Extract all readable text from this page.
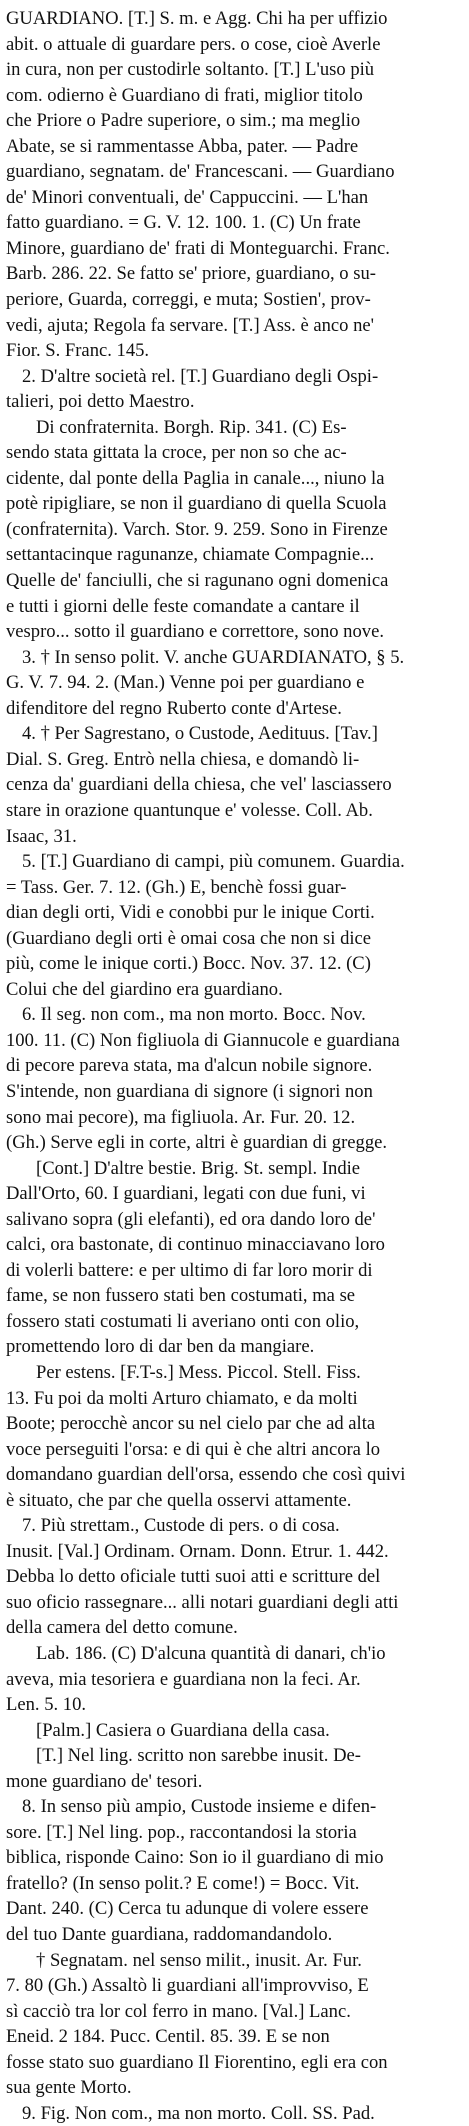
GUARDIANO. [T.] S. m. e Agg. Chi ha per uffizio
abit. o attuale di guardare pers. o cose, cioè Averle
in cura, non per custodirle soltanto. [T.] L'uso più
com. odierno è Guardiano di frati, miglior titolo
che Priore o Padre superiore, o sim.; ma meglio
Abate, se si rammentasse Abba, pater. — Padre
guardiano, segnatam. de' Francescani. — Guardiano
de' Minori conventuali, de' Cappuccini. — L'han
fatto guardiano. = G. V. 12. 100. 1. (C) Un frate
Minore, guardiano de' frati di Monteguarchi. Franc.
Barb. 286. 22. Se fatto se' priore, guardiano, o su-
periore, Guarda, correggi, e muta; Sostien', prov-
vedi, ajuta; Regola fa servare. [T.] Ass. è anco ne'
Fior. S. Franc. 145.
2. D'altre società rel. [T.] Guardiano degli Ospi-
talieri, poi detto Maestro.
Di confraternita. Borgh. Rip. 341. (C) Es-
sendo stata gittata la croce, per non so che ac-
cidente, dal ponte della Paglia in canale..., niuno la
potè ripigliare, se non il guardiano di quella Scuola
(confraternita). Varch. Stor. 9. 259. Sono in Firenze
settantacinque ragunanze, chiamate Compagnie...
Quelle de' fanciulli, che si ragunano ogni domenica
e tutti i giorni delle feste comandate a cantare il
vespro... sotto il guardiano e correttore, sono nove.
3. † In senso polit. V. anche GUARDIANATO, § 5.
G. V. 7. 94. 2. (Man.) Venne poi per guardiano e
difenditore del regno Ruberto conte d'Artese.
4. † Per Sagrestano, o Custode, Aedituus. [Tav.]
Dial. S. Greg. Entrò nella chiesa, e domandò li-
cenza da' guardiani della chiesa, che vel' lasciassero
stare in orazione quantunque e' volesse. Coll. Ab.
Isaac, 31.
5. [T.] Guardiano di campi, più comunem. Guardia.
= Tass. Ger. 7. 12. (Gh.) E, benchè fossi guar-
dian degli orti, Vidi e conobbi pur le inique Corti.
(Guardiano degli orti è omai cosa che non si dice
più, come le inique corti.) Bocc. Nov. 37. 12. (C)
Colui che del giardino era guardiano.
6. Il seg. non com., ma non morto. Bocc. Nov.
100. 11. (C) Non figliuola di Giannucole e guardiana
di pecore pareva stata, ma d'alcun nobile signore.
S'intende, non guardiana di signore (i signori non
sono mai pecore), ma figliuola. Ar. Fur. 20. 12.
(Gh.) Serve egli in corte, altri è guardian di gregge.
[Cont.] D'altre bestie. Brig. St. sempl. Indie
Dall'Orto, 60. I guardiani, legati con due funi, vi
salivano sopra (gli elefanti), ed ora dando loro de'
calci, ora bastonate, di continuo minacciavano loro
di volerli battere: e per ultimo di far loro morir di
fame, se non fussero stati ben costumati, ma se
fossero stati costumati li averiano onti con olio,
promettendo loro di dar ben da mangiare.
Per estens. [F.T-s.] Mess. Piccol. Stell. Fiss.
13. Fu poi da molti Arturo chiamato, e da molti
Boote; perocchè ancor su nel cielo par che ad alta
voce perseguiti l'orsa: e di qui è che altri ancora lo
domandano guardian dell'orsa, essendo che così quivi
è situato, che par che quella osservi attamente.
7. Più strettam., Custode di pers. o di cosa.
Inusit. [Val.] Ordinam. Ornam. Donn. Etrur. 1. 442.
Debba lo detto oficiale tutti suoi atti e scritture del
suo oficio rassegnare... alli notari guardiani degli atti
della camera del detto comune.
Lab. 186. (C) D'alcuna quantità di danari, ch'io
aveva, mia tesoriera e guardiana non la feci. Ar.
Len. 5. 10.
[Palm.] Casiera o Guardiana della casa.
[T.] Nel ling. scritto non sarebbe inusit. De-
mone guardiano de' tesori.
8. In senso più ampio, Custode insieme e difen-
sore. [T.] Nel ling. pop., raccontandosi la storia
biblica, risponde Caino: Son io il guardiano di mio
fratello? (In senso polit.? E come!) = Bocc. Vit.
Dant. 240. (C) Cerca tu adunque di volere essere
del tuo Dante guardiana, raddomandandolo.
† Segnatam. nel senso milit., inusit. Ar. Fur.
7. 80 (Gh.) Assaltò li guardiani all'improvviso, E
sì cacciò tra lor col ferro in mano. [Val.] Lanc.
Eneid. 2 184. Pucc. Centil. 85. 39. E se non
fosse stato suo guardiano Il Fiorentino, egli era con
sua gente Morto.
9. Fig. Non com., ma non morto. Coll. SS. Pad.
